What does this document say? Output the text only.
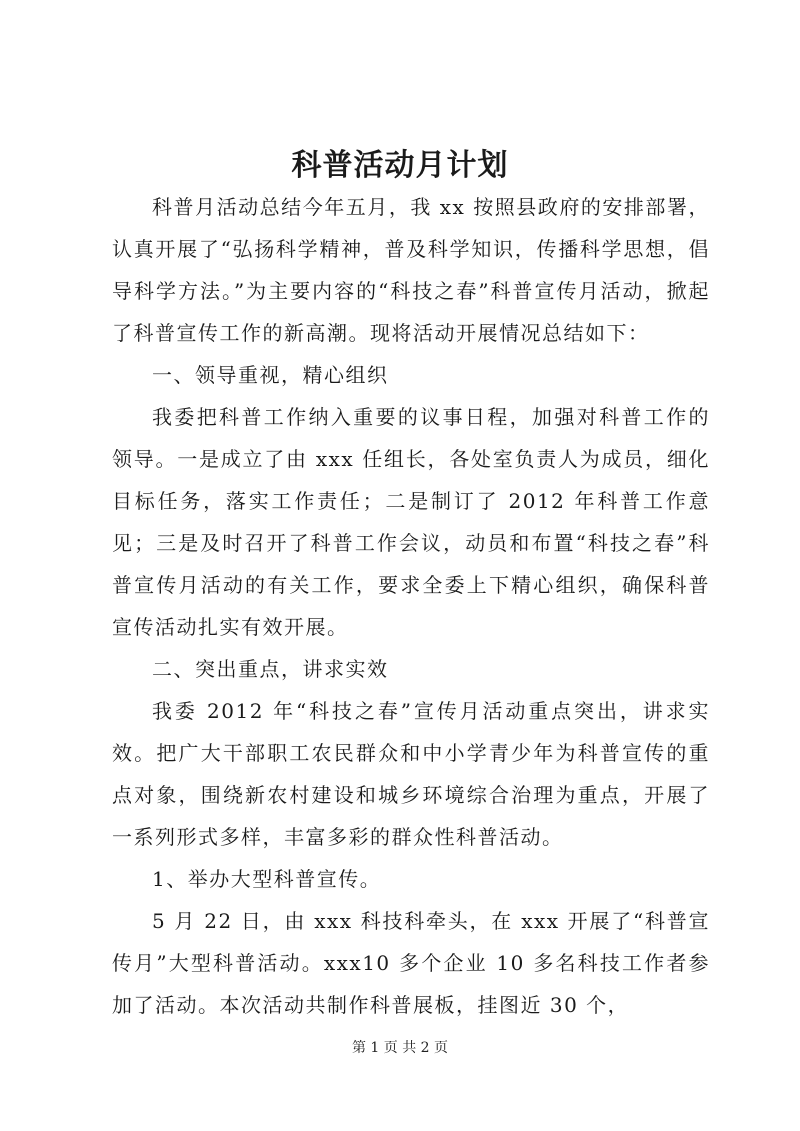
科普活动月计划

科普月活动总结今年五月，我 xx 按照县政府的安排部署，认真开展了“弘扬科学精神，普及科学知识，传播科学思想，倡导科学方法。”为主要内容的“科技之春”科普宣传月活动，掀起了科普宣传工作的新高潮。现将活动开展情况总结如下：

一、领导重视，精心组织

我委把科普工作纳入重要的议事日程，加强对科普工作的领导。一是成立了由 xxx 任组长，各处室负责人为成员，细化目标任务，落实工作责任；二是制订了 2012 年科普工作意见；三是及时召开了科普工作会议，动员和布置“科技之春”科普宣传月活动的有关工作，要求全委上下精心组织，确保科普宣传活动扎实有效开展。

二、突出重点，讲求实效

我委 2012 年“科技之春”宣传月活动重点突出，讲求实效。把广大干部职工农民群众和中小学青少年为科普宣传的重点对象，围绕新农村建设和城乡环境综合治理为重点，开展了一系列形式多样，丰富多彩的群众性科普活动。

1、举办大型科普宣传。

5 月 22 日，由 xxx 科技科牵头，在 xxx 开展了“科普宣传月”大型科普活动。xxx10 多个企业 10 多名科技工作者参加了活动。本次活动共制作科普展板，挂图近 30 个，

第 1 页 共 2 页
